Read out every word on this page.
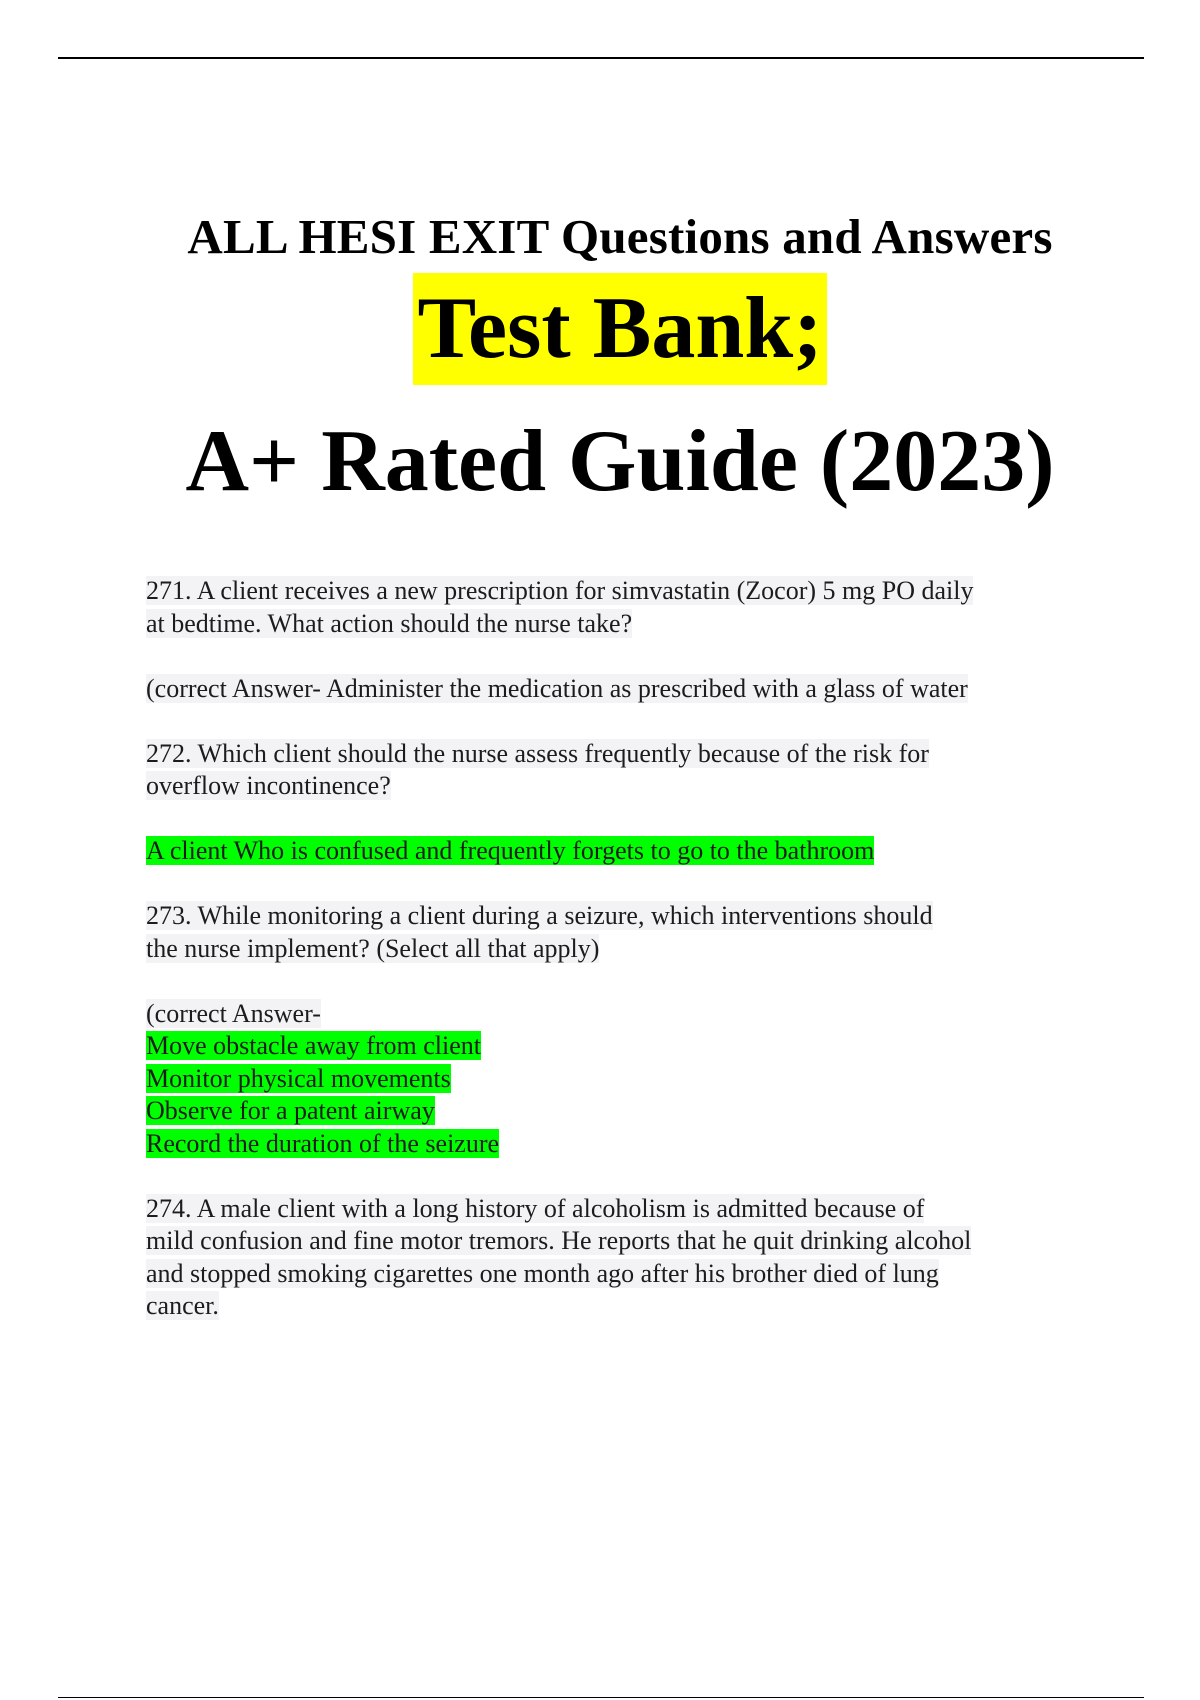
ALL HESI EXIT Questions and Answers
Test Bank;
A+ Rated Guide (2023)
271. A client receives a new prescription for simvastatin (Zocor) 5 mg PO daily
at bedtime. What action should the nurse take?
(correct Answer- Administer the medication as prescribed with a glass of water
272. Which client should the nurse assess frequently because of the risk for
overflow incontinence?
A client Who is confused and frequently forgets to go to the bathroom
273. While monitoring a client during a seizure, which interventions should
the nurse implement? (Select all that apply)
(correct Answer-
Move obstacle away from client
Monitor physical movements
Observe for a patent airway
Record the duration of the seizure
274. A male client with a long history of alcoholism is admitted because of
mild confusion and fine motor tremors. He reports that he quit drinking alcohol
and stopped smoking cigarettes one month ago after his brother died of lung
cancer.
